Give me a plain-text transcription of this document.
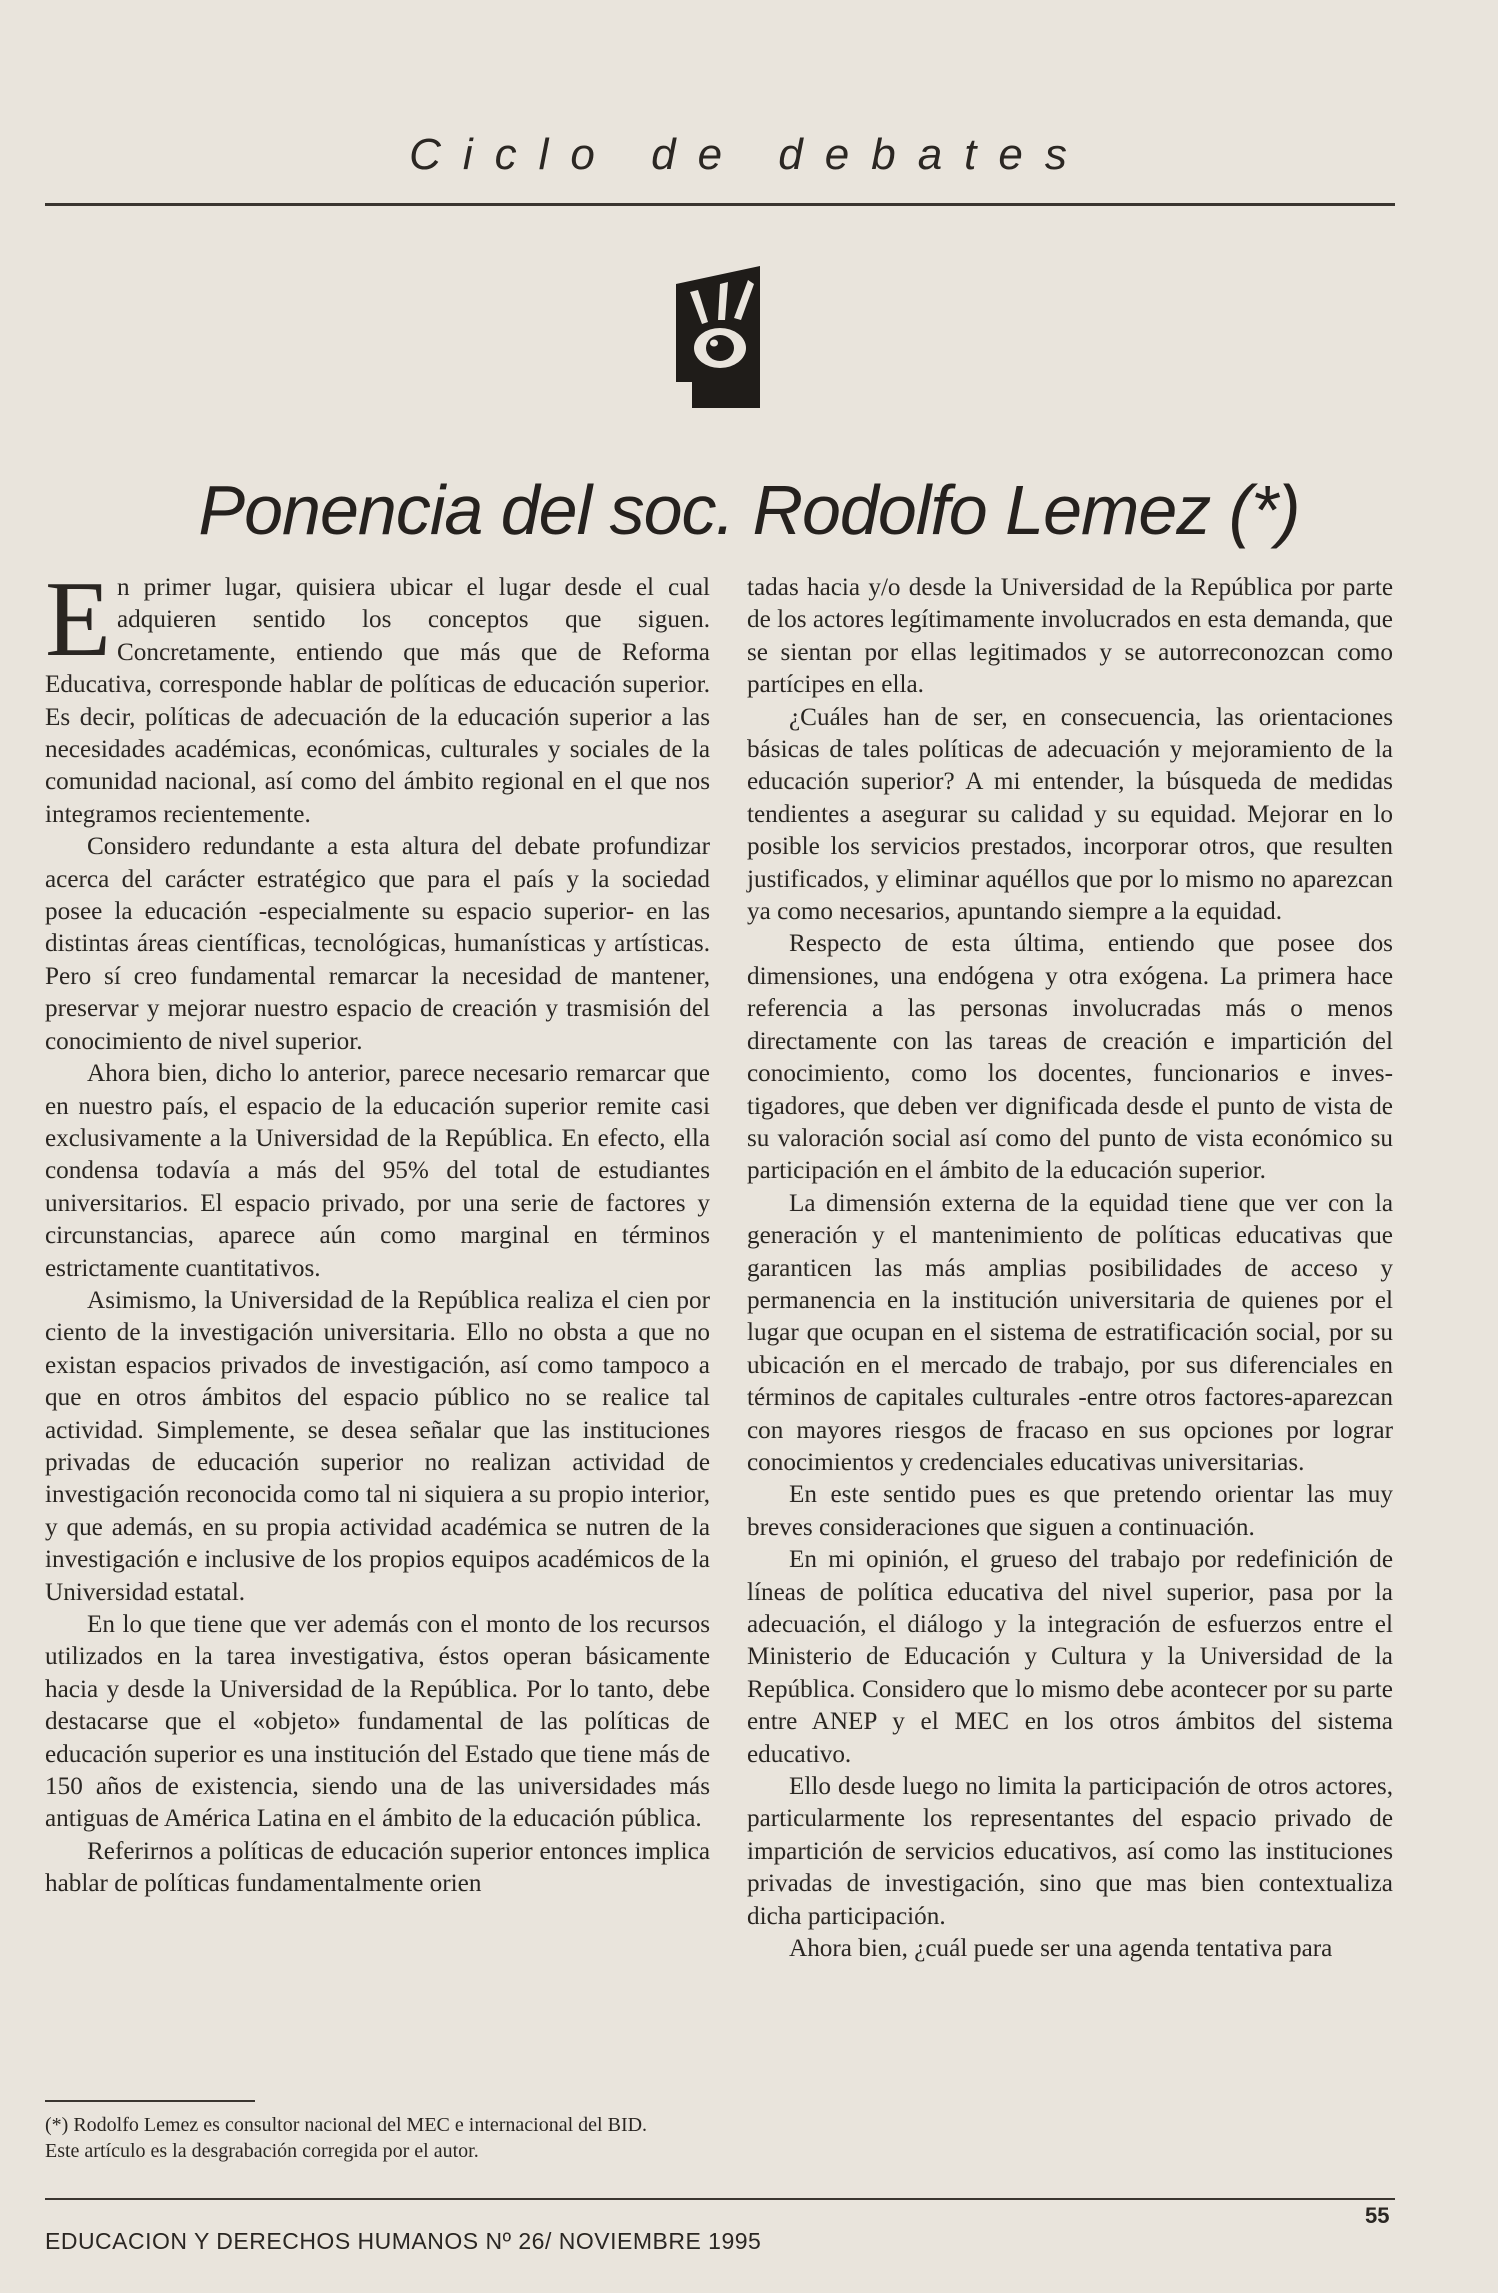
Ciclo de debates
Ponencia del soc. Rodolfo Lemez (*)

En primer lugar, quisiera ubicar el lugar desde el cual adquieren sentido los conceptos que siguen. Concretamente, entiendo que más que de Reforma Educativa, corresponde hablar de políticas de educación superior. Es decir, políticas de adecuación de la educación superior a las necesidades académicas, económicas, culturales y sociales de la comunidad nacional, así como del ámbito regional en el que nos integramos recientemente.

Considero redundante a esta altura del debate profundizar acerca del carácter estratégico que para el país y la sociedad posee la educación -especialmente su espacio superior- en las distintas áreas científicas, tecnológicas, humanísticas y artísticas. Pero sí creo fundamental remarcar la necesidad de mantener, preservar y mejorar nuestro espacio de creación y trasmisión del conocimiento de nivel superior.

Ahora bien, dicho lo anterior, parece necesario remarcar que en nuestro país, el espacio de la educación superior remite casi exclusivamente a la Universidad de la República. En efecto, ella condensa todavía a más del 95% del total de estudiantes universitarios. El espacio privado, por una serie de factores y circunstancias, aparece aún como marginal en términos estrictamente cuantitativos.

Asimismo, la Universidad de la República realiza el cien por ciento de la investigación universitaria. Ello no obsta a que no existan espacios privados de investigación, así como tampoco a que en otros ámbitos del espacio público no se realice tal actividad. Simplemente, se desea señalar que las instituciones privadas de educación superior no realizan actividad de investigación reconocida como tal ni siquiera a su propio interior, y que además, en su propia actividad académica se nutren de la investigación e inclusive de los propios equipos académicos de la Universidad estatal.

En lo que tiene que ver además con el monto de los recursos utilizados en la tarea investigativa, éstos operan básicamente hacia y desde la Universidad de la República. Por lo tanto, debe destacarse que el «objeto» fundamental de las políticas de educación superior es una institución del Estado que tiene más de 150 años de existencia, siendo una de las universidades más antiguas de América Latina en el ámbito de la educación pública.

Referirnos a políticas de educación superior entonces implica hablar de políticas fundamentalmente orien

tadas hacia y/o desde la Universidad de la República por parte de los actores legítimamente involucrados en esta demanda, que se sientan por ellas legitimados y se autorreconozcan como partícipes en ella.

¿Cuáles han de ser, en consecuencia, las orientaciones básicas de tales políticas de adecuación y mejoramiento de la educación superior? A mi entender, la búsqueda de medidas tendientes a asegurar su calidad y su equidad. Mejorar en lo posible los servicios prestados, incorporar otros, que resulten justificados, y eliminar aquéllos que por lo mismo no aparezcan ya como necesarios, apuntando siempre a la equidad.

Respecto de esta última, entiendo que posee dos dimensiones, una endógena y otra exógena. La primera hace referencia a las personas involucradas más o menos directamente con las tareas de creación e impartición del conocimiento, como los docentes, funcionarios e investigadores, que deben ver dignificada desde el punto de vista de su valoración social así como del punto de vista económico su participación en el ámbito de la educación superior.

La dimensión externa de la equidad tiene que ver con la generación y el mantenimiento de políticas educativas que garanticen las más amplias posibilidades de acceso y permanencia en la institución universitaria de quienes por el lugar que ocupan en el sistema de estratificación social, por su ubicación en el mercado de trabajo, por sus diferenciales en términos de capitales culturales -entre otros factores-aparezcan con mayores riesgos de fracaso en sus opciones por lograr conocimientos y credenciales educativas universitarias.

En este sentido pues es que pretendo orientar las muy breves consideraciones que siguen a continuación.

En mi opinión, el grueso del trabajo por redefinición de líneas de política educativa del nivel superior, pasa por la adecuación, el diálogo y la integración de esfuerzos entre el Ministerio de Educación y Cultura y la Universidad de la República. Considero que lo mismo debe acontecer por su parte entre ANEP y el MEC en los otros ámbitos del sistema educativo.

Ello desde luego no limita la participación de otros actores, particularmente los representantes del espacio privado de impartición de servicios educativos, así como las instituciones privadas de investigación, sino que mas bien contextualiza dicha participación.

Ahora bien, ¿cuál puede ser una agenda tentativa para

(*) Rodolfo Lemez es consultor nacional del MEC e internacional del BID.
Este artículo es la desgrabación corregida por el autor.
EDUCACION Y DERECHOS HUMANOS Nº 26/ NOVIEMBRE 1995
55
